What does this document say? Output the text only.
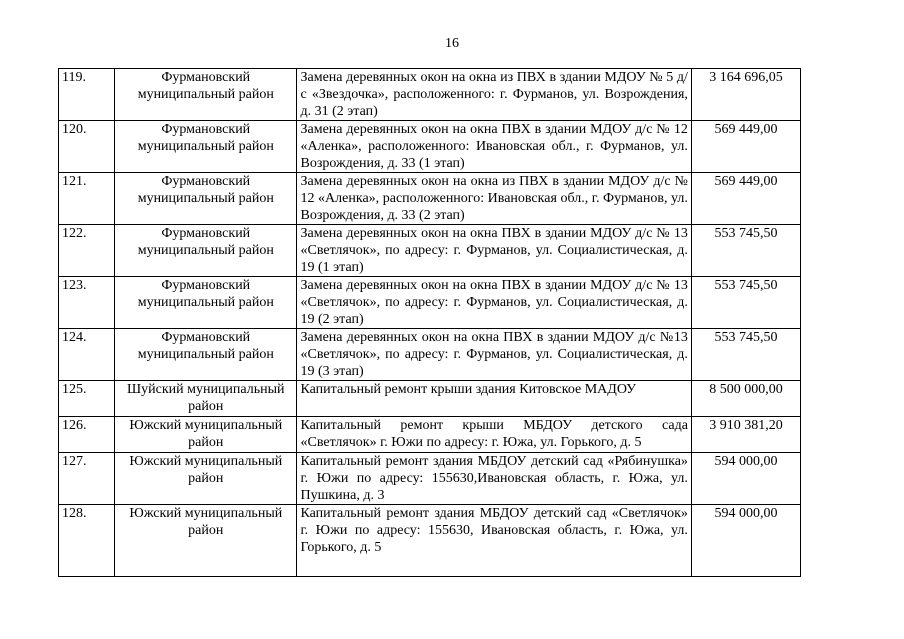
16
119.	Фурмановский муниципальный район	Замена деревянных окон на окна из ПВХ в здании МДОУ № 5 д/с «Звездочка», расположенного: г. Фурманов, ул. Возрождения, д. 31 (2 этап)	3 164 696,05
120.	Фурмановский муниципальный район	Замена деревянных окон на окна ПВХ в здании МДОУ д/с № 12 «Аленка», расположенного: Ивановская обл., г. Фурманов, ул. Возрождения, д. 33 (1 этап)	569 449,00
121.	Фурмановский муниципальный район	Замена деревянных окон на окна из ПВХ в здании МДОУ д/с № 12 «Аленка», расположенного: Ивановская обл., г. Фурманов, ул. Возрождения, д. 33 (2 этап)	569 449,00
122.	Фурмановский муниципальный район	Замена деревянных окон на окна ПВХ в здании МДОУ д/с № 13 «Светлячок», по адресу: г. Фурманов, ул. Социалистическая, д. 19 (1 этап)	553 745,50
123.	Фурмановский муниципальный район	Замена деревянных окон на окна ПВХ в здании МДОУ д/с № 13 «Светлячок», по адресу: г. Фурманов, ул. Социалистическая, д. 19 (2 этап)	553 745,50
124.	Фурмановский муниципальный район	Замена деревянных окон на окна ПВХ в здании МДОУ д/с №13 «Светлячок», по адресу: г. Фурманов, ул. Социалистическая, д. 19 (3 этап)	553 745,50
125.	Шуйский муниципальный район	Капитальный ремонт крыши здания Китовское МАДОУ	8 500 000,00
126.	Южский муниципальный район	Капитальный ремонт крыши МБДОУ детского сада «Светлячок» г. Южи по адресу: г. Южа, ул. Горького, д. 5	3 910 381,20
127.	Южский муниципальный район	Капитальный ремонт здания МБДОУ детский сад «Рябинушка» г. Южи по адресу: 155630,Ивановская область, г. Южа, ул. Пушкина, д. 3	594 000,00
128.	Южский муниципальный район	Капитальный ремонт здания МБДОУ детский сад «Светлячок» г. Южи по адресу: 155630, Ивановская область, г. Южа, ул. Горького, д. 5	594 000,00
